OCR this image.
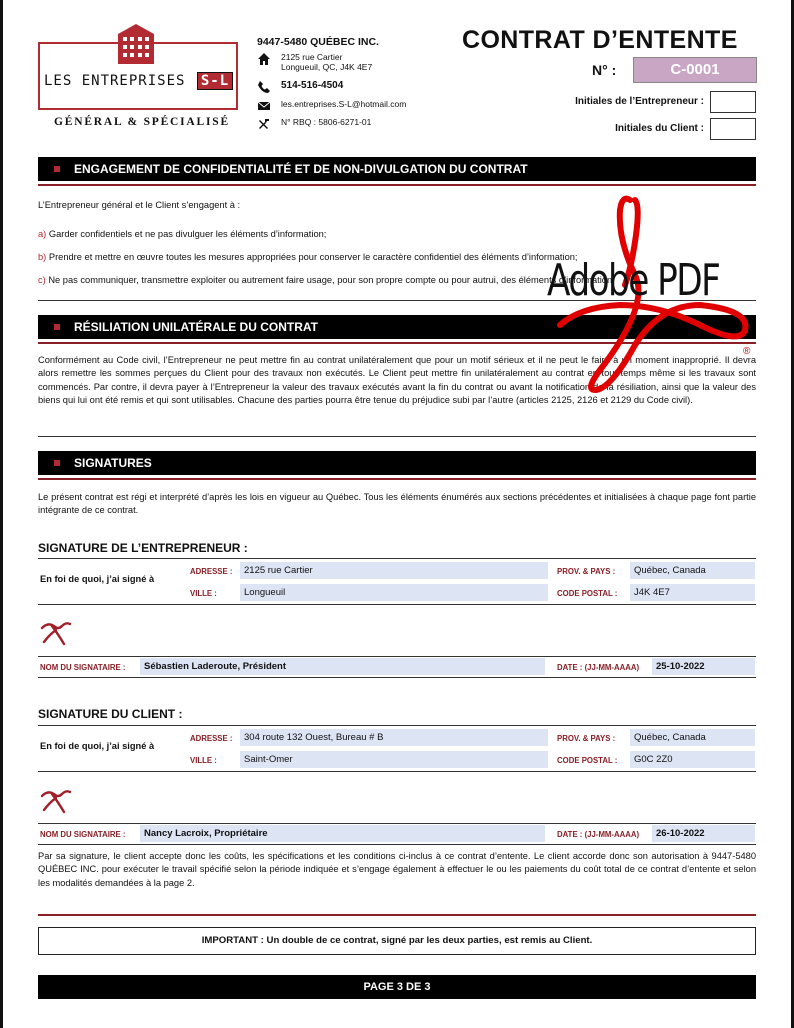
LES ENTREPRISES S-L
GÉNÉRAL & SPÉCIALISÉ
9447-5480 QUÉBEC INC.
2125 rue Cartier
Longueuil, QC, J4K 4E7
514-516-4504
les.entreprises.S-L@hotmail.com
N° RBQ : 5806-6271-01
CONTRAT D’ENTENTE
N° :	C-0001
Initiales de l’Entrepreneur :
Initiales du Client :
ENGAGEMENT DE CONFIDENTIALITÉ ET DE NON-DIVULGATION DU CONTRAT
L’Entrepreneur général et le Client s’engagent à :
a) Garder confidentiels et ne pas divulguer les éléments d’information;
b) Prendre et mettre en œuvre toutes les mesures appropriées pour conserver le caractère confidentiel des éléments d’information;
c) Ne pas communiquer, transmettre exploiter ou autrement faire usage, pour son propre compte ou pour autrui, des éléments d’information.
RÉSILIATION UNILATÉRALE DU CONTRAT
Conformément au Code civil, l’Entrepreneur ne peut mettre fin au contrat unilatéralement que pour un motif sérieux et il ne peut le faire à un moment inapproprié. Il devra alors remettre les sommes perçues du Client pour des travaux non exécutés. Le Client peut mettre fin unilatéralement au contrat en tout temps même si les travaux sont commencés. Par contre, il devra payer à l’Entrepreneur la valeur des travaux exécutés avant la fin du contrat ou avant la notification de la résiliation, ainsi que la valeur des biens qui lui ont été remis et qui sont utilisables. Chacune des parties pourra être tenue du préjudice subi par l’autre (articles 2125, 2126 et 2129 du Code civil).
SIGNATURES
Le présent contrat est régi et interprété d’après les lois en vigueur au Québec. Tous les éléments énumérés aux sections précédentes et initialisées à chaque page font partie intégrante de ce contrat.
SIGNATURE DE L’ENTREPRENEUR :
En foi de quoi, j’ai signé à
ADRESSE :	2125 rue Cartier	PROV. & PAYS :	Québec, Canada
VILLE :	Longueuil	CODE POSTAL :	J4K 4E7
NOM DU SIGNATAIRE :	Sébastien Laderoute, Président	DATE : (JJ-MM-AAAA)	25-10-2022
SIGNATURE DU CLIENT :
En foi de quoi, j’ai signé à
ADRESSE :	304 route 132 Ouest, Bureau # B	PROV. & PAYS :	Québec, Canada
VILLE :	Saint-Omer	CODE POSTAL :	G0C 2Z0
NOM DU SIGNATAIRE :	Nancy Lacroix, Propriétaire	DATE : (JJ-MM-AAAA)	26-10-2022
Par sa signature, le client accepte donc les coûts, les spécifications et les conditions ci-inclus à ce contrat d’entente. Le client accorde donc son autorisation à 9447-5480 QUÉBEC INC. pour exécuter le travail spécifié selon la période indiquée et s’engage également à effectuer le ou les paiements du coût total de ce contrat d’entente et selon les modalités demandées à la page 2.
IMPORTANT : Un double de ce contrat, signé par les deux parties, est remis au Client.
PAGE 3 DE 3
Adobe PDF
®
